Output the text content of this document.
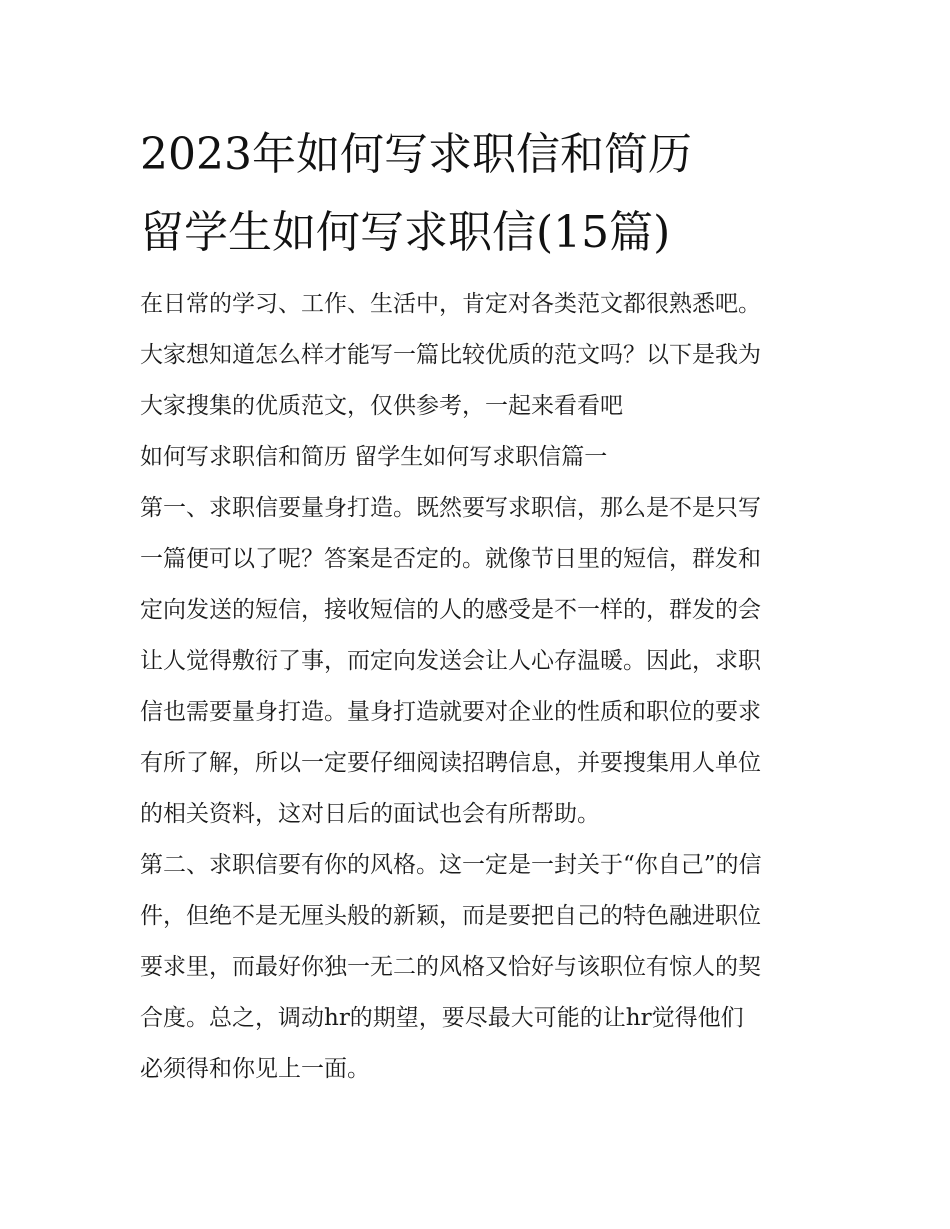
2023年如何写求职信和简历
留学生如何写求职信(15篇)

在日常的学习、工作、生活中，肯定对各类范文都很熟悉吧。
大家想知道怎么样才能写一篇比较优质的范文吗？以下是我为
大家搜集的优质范文，仅供参考，一起来看看吧

如何写求职信和简历 留学生如何写求职信篇一

第一、求职信要量身打造。既然要写求职信，那么是不是只写
一篇便可以了呢？答案是否定的。就像节日里的短信，群发和
定向发送的短信，接收短信的人的感受是不一样的，群发的会
让人觉得敷衍了事，而定向发送会让人心存温暖。因此，求职
信也需要量身打造。量身打造就要对企业的性质和职位的要求
有所了解，所以一定要仔细阅读招聘信息，并要搜集用人单位
的相关资料，这对日后的面试也会有所帮助。

第二、求职信要有你的风格。这一定是一封关于“你自己”的信
件，但绝不是无厘头般的新颖，而是要把自己的特色融进职位
要求里，而最好你独一无二的风格又恰好与该职位有惊人的契
合度。总之，调动hr的期望，要尽最大可能的让hr觉得他们
必须得和你见上一面。
